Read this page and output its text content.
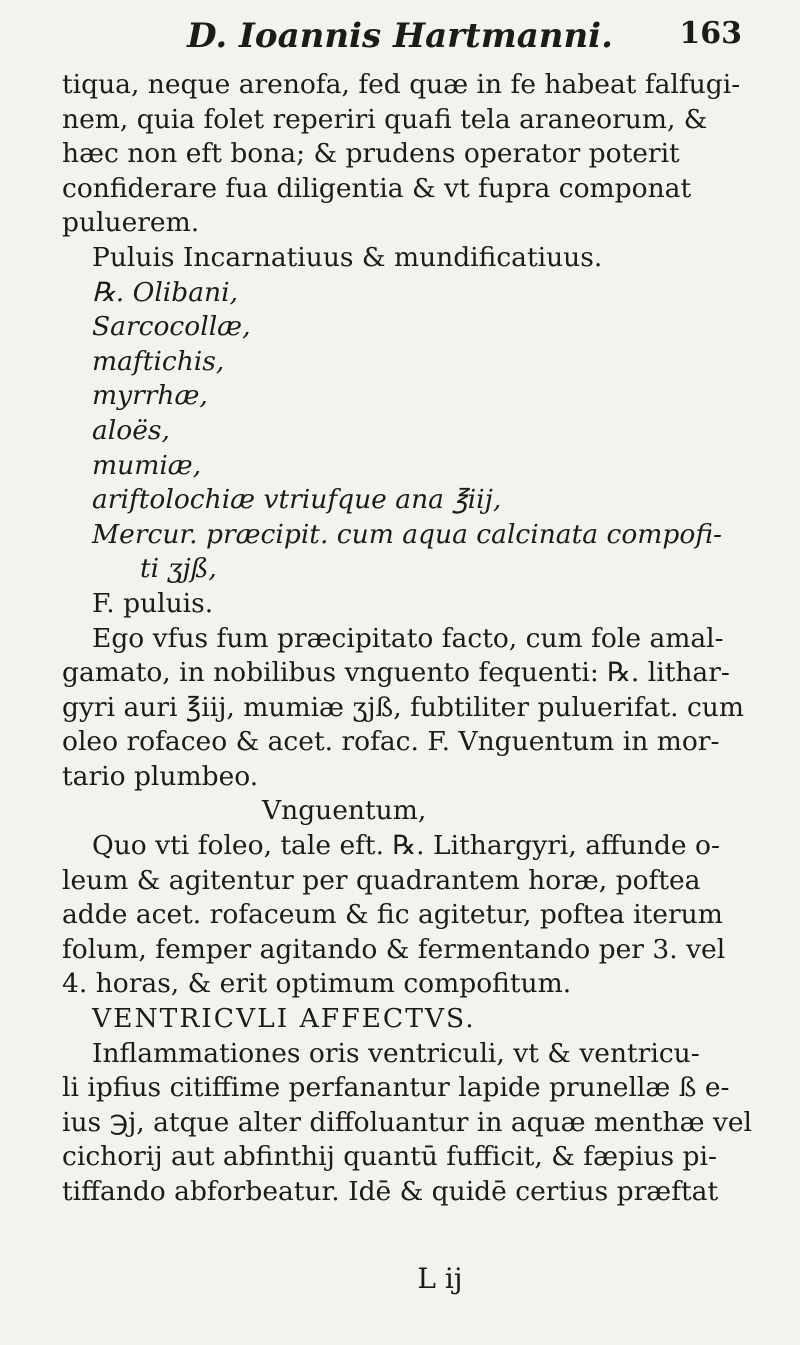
D. Ioannis Hartmanni.	163
tiqua, neque arenofa, fed quæ in fe habeat falfugi-
nem, quia folet reperiri quafi tela araneorum, &
hæc non eft bona; & prudens operator poterit
confiderare fua diligentia & vt fupra componat
puluerem.
Puluis Incarnatiuus & mundificatiuus.
℞. Olibani,
Sarcocollæ,
maftichis,
myrrhæ,
aloës,
mumiæ,
ariftolochiæ vtriufque ana ℥iij,
Mercur. præcipit. cum aqua calcinata compofi-
ti ʒjß,
F. puluis.
Ego vfus fum præcipitato facto, cum fole amal-
gamato, in nobilibus vnguento fequenti: ℞. lithar-
gyri auri ℥iij, mumiæ ʒjß, fubtiliter puluerifat. cum
oleo rofaceo & acet. rofac. F. Vnguentum in mor-
tario plumbeo.
Vnguentum,
Quo vti foleo, tale eft. ℞. Lithargyri, affunde o-
leum & agitentur per quadrantem horæ, poftea
adde acet. rofaceum & fic agitetur, poftea iterum
folum, femper agitando & fermentando per 3. vel
4. horas, & erit optimum compofitum.
VENTRICVLI AFFECTVS.
Inflammationes oris ventriculi, vt & ventricu-
li ipfius citiffime perfanantur lapide prunellæ ß e-
ius ℈j, atque alter diffoluantur in aquæ menthæ vel
cichorij aut abfinthij quantū fufficit, & fæpius pi-
tiffando abforbeatur. Idē & quidē certius præftat
L ij
